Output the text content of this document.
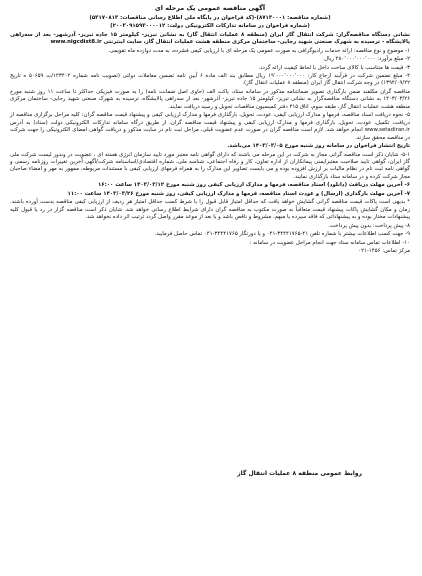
آگهی مناقصه عمومی یک مرحله ای
(شماره مناقصه: ۸۷۱۳۰۰۰۱)-(کد فراخوان در پایگاه ملی اطلاع رسانی مناقصات: ۵۳۱۷۰۸۱۳)
(شماره فراخوان در سامانه تدارکات الکترونیکی دولت: ۲۰۰۳۰۹۱۵۹۳۰۰۰۰۱۲)
نشانی دستگاه مناقصه‌گزار: شرکت انتقال گاز ایران (منطقه ۸ عملیات انتقال گاز) به نشانی تبریز- کیلومتر ۱۵ جاده تبریز- آذرشهر- بعد از سه‌راهی پالایشگاه - ترسیده به شهرک صنعتی شهید رجایی- ساختمان مرکزی منطقه هشت عملیات انتقال گاز، سایت اینترنتی www.nigcdist8.ir
۱- موضوع و نوع مناقصه: ارائه خدمات رادیوگرافی به صورت عمومی یک مرحله ای با ارزیابی کیفی فشرده، به مدت دوازده ماه تقویمی.
۲- مبلغ برآورد: ۲۸۰٬۰۰۰٬۰۰۰٬۰۰۰ ریال
۳- قیمت ها متناسب با کالای ساخت داخل با لحاظ کیفیت ارائه گردد.
۴- مبلغ تضمین شرکت در فرآیند ارجاع کار: ۱۹٬۰۰۰٬۰۰۰٬۰۰۰ ریال مطابق بند الف ماده ۶ آیین نامه تضمین معاملات دولتی (تصویب نامه شماره ۱۲۳۴۰۲/ت ۵۰۶۵۹ ه تاریخ ۱۳۹۴/۰۹/۲۲) در وجه شرکت انتقال گاز ایران (منطقه ۸ عملیات انتقال گاز).
مناقصه گران مکلفند ضمن بارگذاری تصویر ضمانتنامه مذکور در سامانه ستاد، پاکت الف (حاوی اصل ضمانت نامه) را به صورت فیزیکی حداکثر تا ساعت ۱۱ روز شنبه مورخ ۱۴۰۳/۰۳/۲۶ به نشانی دستگاه مناقصه‌گزار به نشانی تبریز- کیلومتر ۱۵ جاده تبریز- آذرشهر- بعد از سه‌راهی پالایشگاه، ترسیده به شهرک صنعتی شهید رجایی- ساختمان مرکزی منطقه هشت عملیات انتقال گاز، طبقه سوم، اتاق ۴۱۵ دفتر کمیسیون مناقصات تحویل و رسید دریافت نمایند.
۵- نحوه دریافت اسناد مناقصه، فرمها و مدارک ارزیابی کیفی، عودت، تحویل، بارگذاری فرمها و مدارک ارزیابی کیفی و پیشنهاد قیمت مناقصه گران: کلیه مراحل برگزاری مناقصه از دریافت، تکمیل، عودت، تحویل، بارگذاری فرمها و مدارک ارزیابی کیفی و پیشنهاد قیمت مناقصه گران، از طریق درگاه سامانه تدارکات الکترونیکی دولت (ستاد) به آدرس www.setadiran.ir انجام خواهد شد. لازم است مناقصه گران در صورت عدم عضویت قبلی، مراحل ثبت نام در سایت مذکور و دریافت گواهی امضای الکترونیکی را جهت شرکت در مناقصه محقق سازند.
تاریخ انتشار فراخوان در سامانه روز شنبه مورخ ۱۴۰۳/۰۳/۰۵ می‌باشد.
۵-۱- شایان ذکر است مناقصه گرانی مجاز به شرکت در این مرحله می باشند که دارای گواهی نامه معتبر مورد تایید سازمان انرژی هسته ای ، عضویت در وندور لیست شرکت ملی گاز ایران، گواهی تایید صلاحیت معتبرایمنی پیمانکاران از اداره تعاون، کار و رفاه اجتماعی، شناسه ملی، شماره اقتصادی/اساسنامه شرکت/آگهی آخرین تغییرات روزنامه رسمی و گواهی نامه ثبت نام در نظام مالیات بر ارزش افزوده بوده و می بایست تصاویر این مدارک را به همراه فرمهای ارزیابی کیفی با مستندات مربوطه، ممهور به مهر و امضاء صاحبان مجاز شرکت کرده و در سامانه ستاد بارگذاری نمایند.
۶- آخرین مهلت دریافت (دانلود) اسناد مناقصه، فرمها و مدارک ارزیابی کیفی روز شنبه مورخ ۱۴۰۳/۰۳/۱۲ ساعت ۱۶:۰۰
۷- آخرین مهلت بارگذاری (ارسال) و عودت اسناد مناقصه، فرمها و مدارک ارزیابی کیفی، روز شنبه مورخ ۱۴۰۳/۰۳/۲۶ ساعت ۱۱:۰۰
* بدیهی است پاکات قیمت مناقصه گرانی گشایش خواهد یافت که حداقل امتیاز قابل قبول را با شرط کسب حداقل امتیاز هر ردیف از ارزیابی کیفی مناقصه بدست آورده باشند. زمان و مکان گشایش پاکات پیشنهاد قیمت متعاقباً به صورت مکتوب به مناقصه گران دارای شرایط اطلاع رسانی خواهد شد. شایان ذکر است مناقصه گزار در رد یا قبول کلیه پیشنهادات مختار بوده و به پیشنهاداتی که فاقد سپرده یا مبهم، مشروط و ناقص باشد و یا بعد از موعد مقرر واصل گردد ترتیب اثر داده نخواهد شد.
۸- پیش پرداخت: بدون پیش پرداخت.
۹- جهت کسب اطلاعات بیشتر با شماره تلفن ۴۱-۳۴۴۴۱۷۶۵-۰۴۱ و یا دورنگار ۳۴۴۴۱۷۶۵-۰۴۱ تماس حاصل فرمایید.
۱۰- اطلاعات تماس سامانه ستاد جهت انجام مراحل عضویت در سامانه :
مرکز تماس: ۱۴۵۶-۰۲۱
روابط عمومی منطقه ۸ عملیات انتقال گاز
